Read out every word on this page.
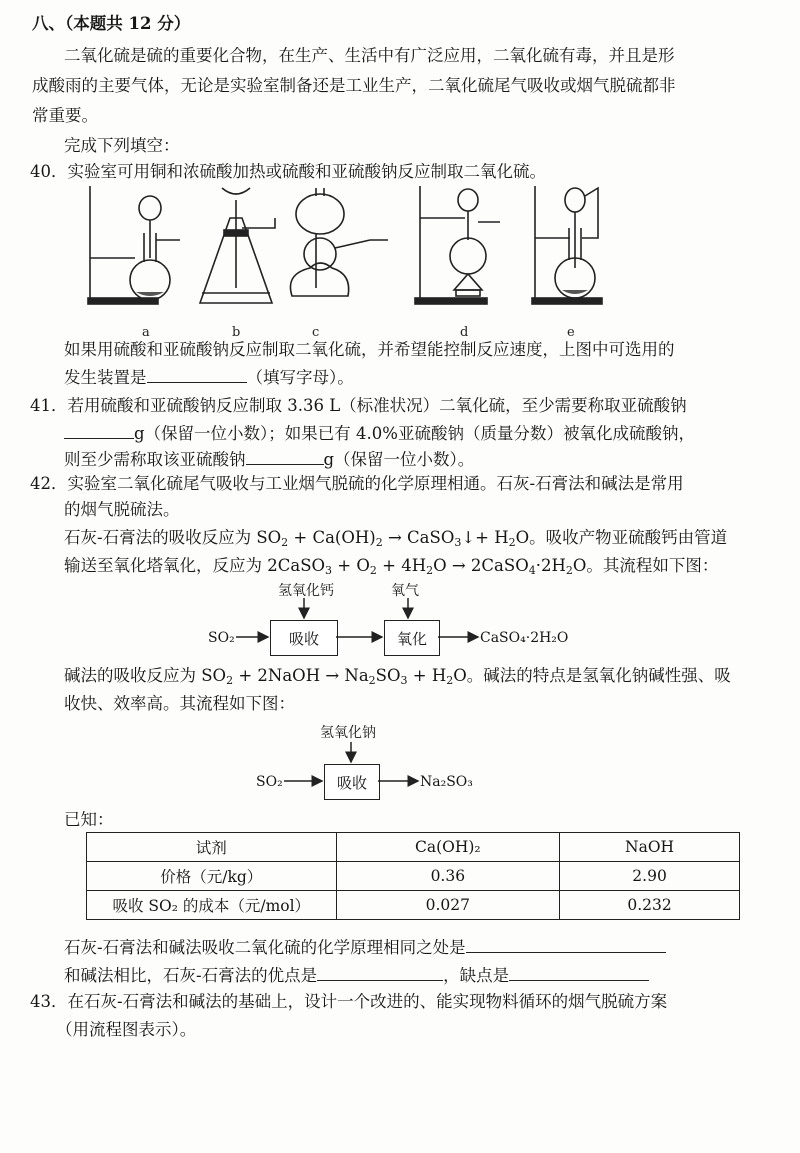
八、（本题共 12 分）
二氧化硫是硫的重要化合物，在生产、生活中有广泛应用，二氧化硫有毒，并且是形
成酸雨的主要气体，无论是实验室制备还是工业生产，二氧化硫尾气吸收或烟气脱硫都非
常重要。
完成下列填空：
40．实验室可用铜和浓硫酸加热或硫酸和亚硫酸钠反应制取二氧化硫。
a	b	c	d	e
如果用硫酸和亚硫酸钠反应制取二氧化硫，并希望能控制反应速度，上图中可选用的
发生装置是	（填写字母）。
41．若用硫酸和亚硫酸钠反应制取 3.36 L（标准状况）二氧化硫，至少需要称取亚硫酸钠
g（保留一位小数）；如果已有 4.0%亚硫酸钠（质量分数）被氧化成硫酸钠，
则至少需称取该亚硫酸钠	g（保留一位小数）。
42．实验室二氧化硫尾气吸收与工业烟气脱硫的化学原理相通。石灰-石膏法和碱法是常用
的烟气脱硫法。
石灰-石膏法的吸收反应为 $SO_2 + Ca(OH)_2$ → CaSO$_3$↓+ $H_2O$。吸收产物亚硫酸钙由管道
输送至氧化塔氧化，反应为 2CaSO$_3$ + $O_2 + 4H_2O$ → $2CaSO_4\cdot 2H_2O$。其流程如下图：
氢氧化钙	氧气
SO₂	吸收	氧化	CaSO₄·2H₂O
碱法的吸收反应为 $SO_2$ + 2NaOH → $Na_2SO_3 + H_2O$。碱法的特点是氢氧化钠碱性强、吸
收快、效率高。其流程如下图：
氢氧化钠
SO₂	吸收	Na₂SO₃
已知：
试剂	Ca(OH)₂	NaOH
价格（元/kg）	0.36	2.90
吸收 SO₂ 的成本（元/mol）	0.027	0.232
石灰-石膏法和碱法吸收二氧化硫的化学原理相同之处是
和碱法相比，石灰-石膏法的优点是	，缺点是
43．在石灰-石膏法和碱法的基础上，设计一个改进的、能实现物料循环的烟气脱硫方案
（用流程图表示）。
